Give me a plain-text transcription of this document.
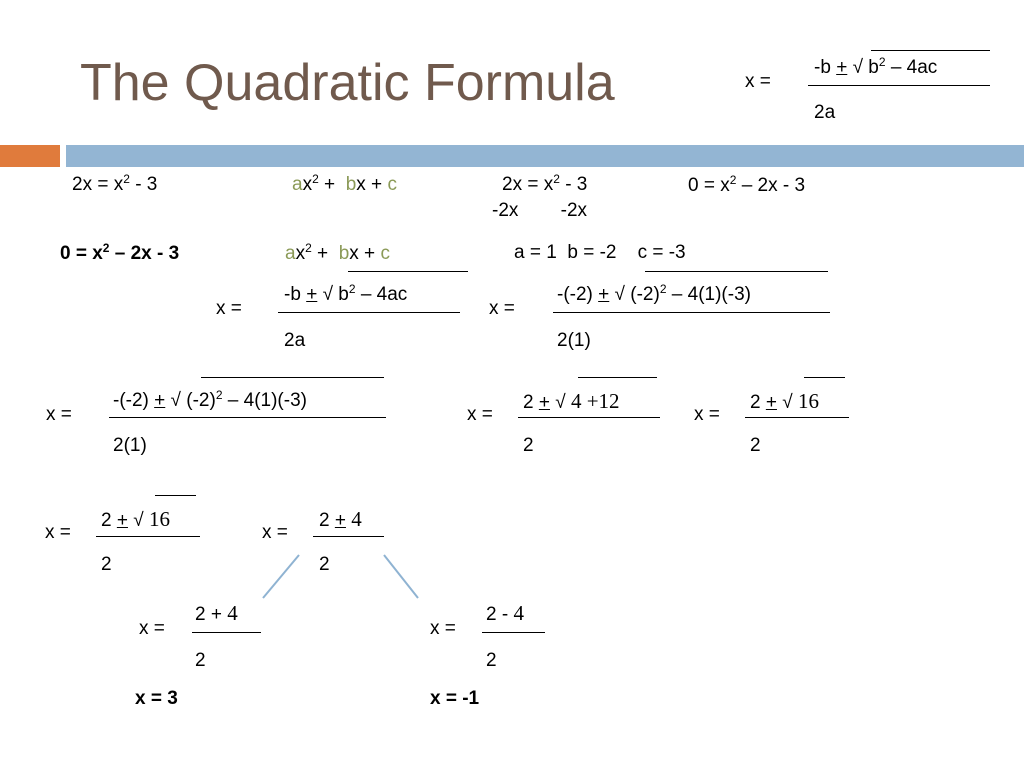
The Quadratic Formula	x =
-b + √ $b^2 - 4ac$
2a
$2x = x^2 - 3$	$ax^2$ +  bx + c	$2x = x^2 - 3$
-2x        -2x
$0 = x^2 - 2x - 3$
$0 = x^2 - 2x - 3$	$ax^2$ +  bx + c	a = 1  b = -2    c = -3
x =
-b + √ $b^2 - 4ac$
2a
x =
-(-2) + √ $(-2)^2 - 4(1)(-3)$
2(1)
x =
-(-2) + √ $(-2)^2 - 4(1)(-3)$
2(1)
x =
2 + √ 4 +12
2
x =
2 + √ 16
2
x =
2 + √ 16
2
x =
2 + 4
2
x =
2 + 4
2
x = 3
x =
2 - 4
2
x = -1
